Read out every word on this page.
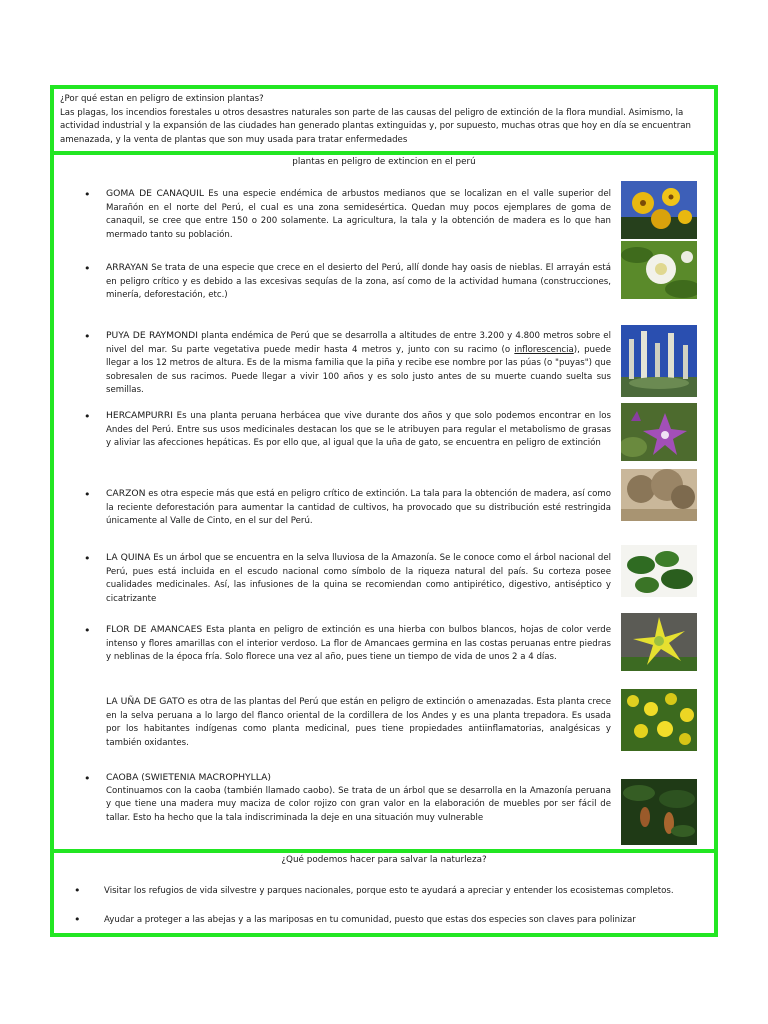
¿Por qué estan en peligro de extinsion plantas?
Las plagas, los incendios forestales u otros desastres naturales son parte de las causas del peligro de extinción de la flora mundial. Asimismo, la actividad industrial y la expansión de las ciudades han generado plantas extinguidas y, por supuesto, muchas otras que hoy en día se encuentran amenazada, y la venta de plantas que son muy usada para tratar enfermedades
plantas en peligro de extincion en el perú
• GOMA DE CANAQUIL Es una especie endémica de arbustos medianos que se localizan en el valle superior del Marañón en el norte del Perú, el cual es una zona semidesértica. Quedan muy pocos ejemplares de goma de canaquil, se cree que entre 150 o 200 solamente. La agricultura, la tala y la obtención de madera es lo que han mermado tanto su población.
• ARRAYAN Se trata de una especie que crece en el desierto del Perú, allí donde hay oasis de nieblas. El arrayán está en peligro crítico y es debido a las excesivas sequías de la zona, así como de la actividad humana (construcciones, minería, deforestación, etc.)
• PUYA DE RAYMONDI planta endémica de Perú que se desarrolla a altitudes de entre 3.200 y 4.800 metros sobre el nivel del mar. Su parte vegetativa puede medir hasta 4 metros y, junto con su racimo (o inflorescencia), puede llegar a los 12 metros de altura. Es de la misma familia que la piña y recibe ese nombre por las púas (o "puyas") que sobresalen de sus racimos. Puede llegar a vivir 100 años y es solo justo antes de su muerte cuando suelta sus semillas.
• HERCAMPURRI Es una planta peruana herbácea que vive durante dos años y que solo podemos encontrar en los Andes del Perú. Entre sus usos medicinales destacan los que se le atribuyen para regular el metabolismo de grasas y aliviar las afecciones hepáticas. Es por ello que, al igual que la uña de gato, se encuentra en peligro de extinción
• CARZON es otra especie más que está en peligro crítico de extinción. La tala para la obtención de madera, así como la reciente deforestación para aumentar la cantidad de cultivos, ha provocado que su distribución esté restringida únicamente al Valle de Cinto, en el sur del Perú.
• LA QUINA Es un árbol que se encuentra en la selva lluviosa de la Amazonía. Se le conoce como el árbol nacional del Perú, pues está incluida en el escudo nacional como símbolo de la riqueza natural del país. Su corteza posee cualidades medicinales. Así, las infusiones de la quina se recomiendan como antipirético, digestivo, antiséptico y cicatrizante
• FLOR DE AMANCAES Esta planta en peligro de extinción es una hierba con bulbos blancos, hojas de color verde intenso y flores amarillas con el interior verdoso. La flor de Amancaes germina en las costas peruanas entre piedras y neblinas de la época fría. Solo florece una vez al año, pues tiene un tiempo de vida de unos 2 a 4 días.
LA UÑA DE GATO es otra de las plantas del Perú que están en peligro de extinción o amenazadas. Esta planta crece en la selva peruana a lo largo del flanco oriental de la cordillera de los Andes y es una planta trepadora. Es usada por los habitantes indígenas como planta medicinal, pues tiene propiedades antiinflamatorias, analgésicas y también oxidantes.
• CAOBA (SWIETENIA MACROPHYLLA)
Continuamos con la caoba (también llamado caobo). Se trata de un árbol que se desarrolla en la Amazonía peruana y que tiene una madera muy maciza de color rojizo con gran valor en la elaboración de muebles por ser fácil de tallar. Esto ha hecho que la tala indiscriminada la deje en una situación muy vulnerable
¿Qué podemos hacer para salvar la naturleza?
•	Visitar los refugios de vida silvestre y parques nacionales, porque esto te ayudará a apreciar y entender los ecosistemas completos.
•	Ayudar a proteger a las abejas y a las mariposas en tu comunidad, puesto que estas dos especies son claves para polinizar
